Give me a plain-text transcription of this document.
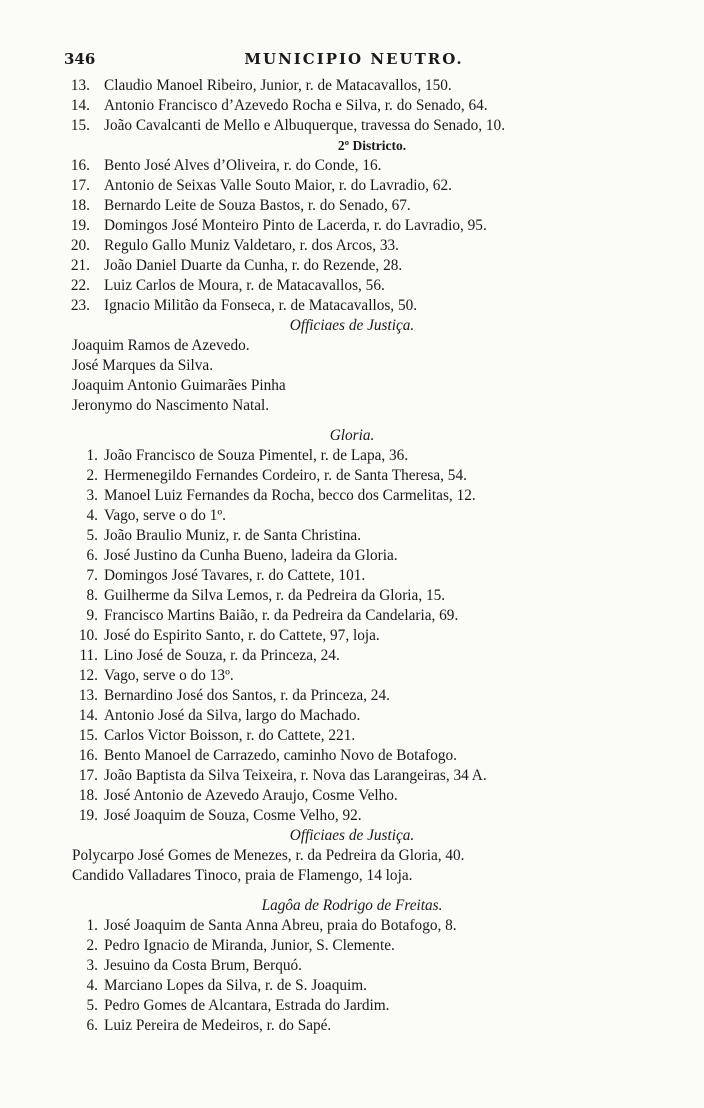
346	MUNICIPIO NEUTRO.
13. Claudio Manoel Ribeiro, Junior, r. de Matacavallos, 150.
14. Antonio Francisco d’Azevedo Rocha e Silva, r. do Senado, 64.
15. João Cavalcanti de Mello e Albuquerque, travessa do Senado, 10.
2º Districto.
16. Bento José Alves d’Oliveira, r. do Conde, 16.
17. Antonio de Seixas Valle Souto Maior, r. do Lavradio, 62.
18. Bernardo Leite de Souza Bastos, r. do Senado, 67.
19. Domingos José Monteiro Pinto de Lacerda, r. do Lavradio, 95.
20. Regulo Gallo Muniz Valdetaro, r. dos Arcos, 33.
21. João Daniel Duarte da Cunha, r. do Rezende, 28.
22. Luiz Carlos de Moura, r. de Matacavallos, 56.
23. Ignacio Militão da Fonseca, r. de Matacavallos, 50.
Officiaes de Justiça.
Joaquim Ramos de Azevedo.
José Marques da Silva.
Joaquim Antonio Guimarães Pinha
Jeronymo do Nascimento Natal.
Gloria.
1. João Francisco de Souza Pimentel, r. de Lapa, 36.
2. Hermenegildo Fernandes Cordeiro, r. de Santa Theresa, 54.
3. Manoel Luiz Fernandes da Rocha, becco dos Carmelitas, 12.
4. Vago, serve o do 1º.
5. João Braulio Muniz, r. de Santa Christina.
6. José Justino da Cunha Bueno, ladeira da Gloria.
7. Domingos José Tavares, r. do Cattete, 101.
8. Guilherme da Silva Lemos, r. da Pedreira da Gloria, 15.
9. Francisco Martins Baião, r. da Pedreira da Candelaria, 69.
10. José do Espirito Santo, r. do Cattete, 97, loja.
11. Lino José de Souza, r. da Princeza, 24.
12. Vago, serve o do 13º.
13. Bernardino José dos Santos, r. da Princeza, 24.
14. Antonio José da Silva, largo do Machado.
15. Carlos Victor Boisson, r. do Cattete, 221.
16. Bento Manoel de Carrazedo, caminho Novo de Botafogo.
17. João Baptista da Silva Teixeira, r. Nova das Larangeiras, 34 A.
18. José Antonio de Azevedo Araujo, Cosme Velho.
19. José Joaquim de Souza, Cosme Velho, 92.
Officiaes de Justiça.
Polycarpo José Gomes de Menezes, r. da Pedreira da Gloria, 40.
Candido Valladares Tinoco, praia de Flamengo, 14 loja.
Lagôa de Rodrigo de Freitas.
1. José Joaquim de Santa Anna Abreu, praia do Botafogo, 8.
2. Pedro Ignacio de Miranda, Junior, S. Clemente.
3. Jesuino da Costa Brum, Berquó.
4. Marciano Lopes da Silva, r. de S. Joaquim.
5. Pedro Gomes de Alcantara, Estrada do Jardim.
6. Luiz Pereira de Medeiros, r. do Sapé.
